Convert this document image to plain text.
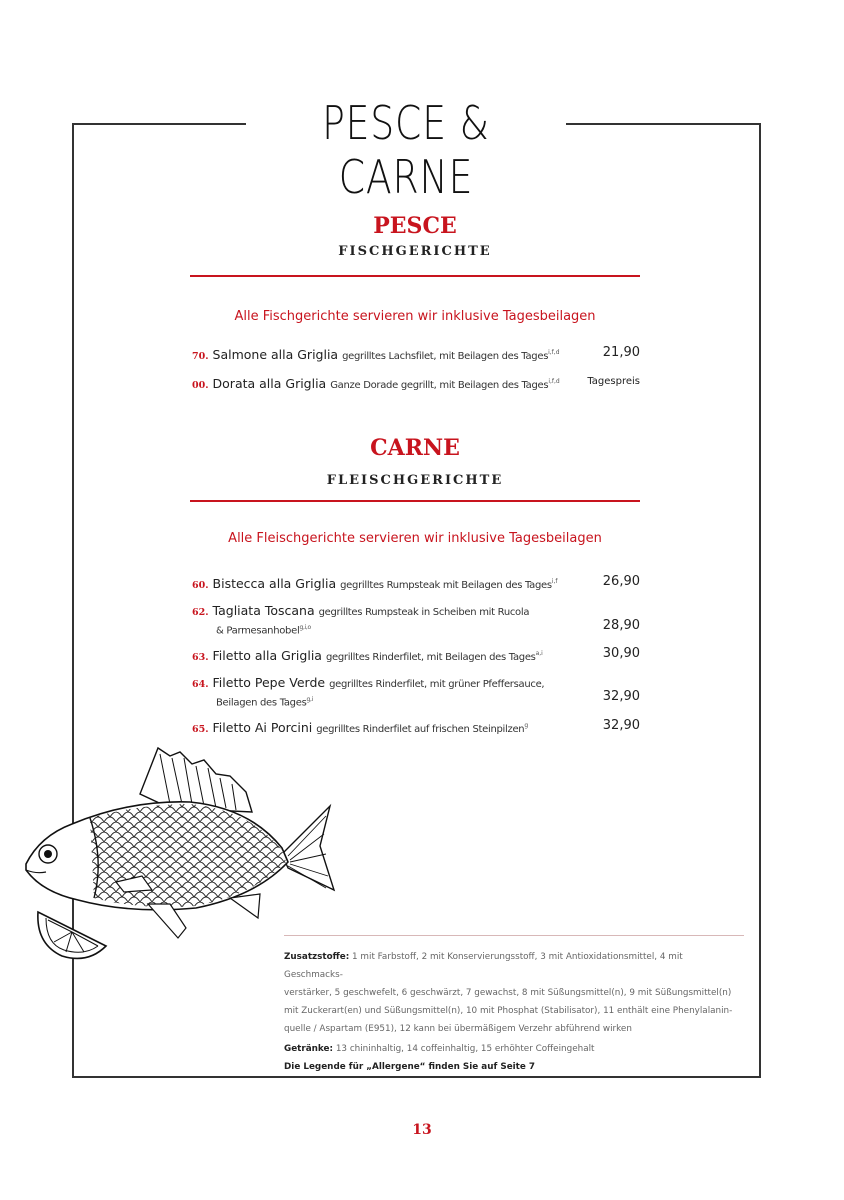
PESCE & CARNE
PESCE
FISCHGERICHTE
Alle Fischgerichte servieren wir inklusive Tagesbeilagen
70. Salmone alla Griglia gegrilltes Lachsfilet, mit Beilagen des Tages$^{i,f,d}$	21,90
00. Dorata alla Griglia Ganze Dorade gegrillt, mit Beilagen des Tages$^{i,f,d}$	Tagespreis
CARNE
FLEISCHGERICHTE
Alle Fleischgerichte servieren wir inklusive Tagesbeilagen
60. Bistecca alla Griglia gegrilltes Rumpsteak mit Beilagen des Tages$^{i,f}$	26,90
62. Tagliata Toscana gegrilltes Rumpsteak in Scheiben mit Rucola
& Parmesanhobel$^{g,i,o}$	28,90
63. Filetto alla Griglia gegrilltes Rinderfilet, mit Beilagen des Tages$^{a,i}$	30,90
64. Filetto Pepe Verde gegrilltes Rinderfilet, mit grüner Pfeffersauce,
Beilagen des Tages$^{g,i}$	32,90
65. Filetto Ai Porcini gegrilltes Rinderfilet auf frischen Steinpilzen$^g$	32,90
Zusatzstoffe: 1 mit Farbstoff, 2 mit Konservierungsstoff, 3 mit Antioxidationsmittel, 4 mit Geschmacks-
verstärker, 5 geschwefelt, 6 geschwärzt, 7 gewachst, 8 mit Süßungsmittel(n), 9 mit Süßungsmittel(n)
mit Zuckerart(en) und Süßungsmittel(n), 10 mit Phosphat (Stabilisator), 11 enthält eine Phenylalanin-
quelle / Aspartam (E951), 12 kann bei übermäßigem Verzehr abführend wirken
Getränke: 13 chininhaltig, 14 coffeinhaltig, 15 erhöhter Coffeingehalt
Die Legende für „Allergene“ finden Sie auf Seite 7
13
